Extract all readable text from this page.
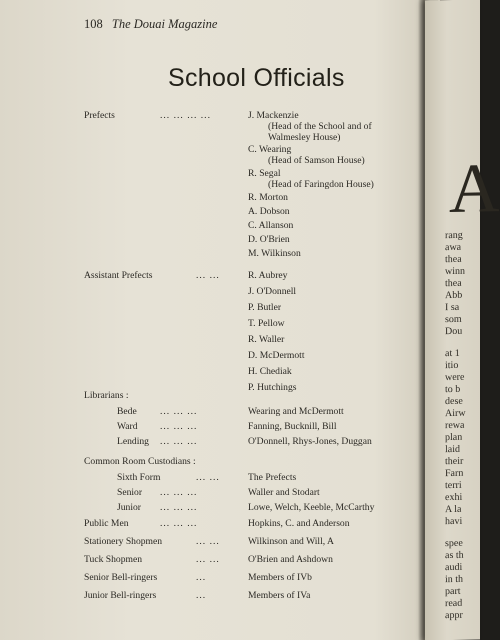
108 The Douai Magazine
School Officials
Prefects	... ... ... ...	J. Mackenzie
(Head of the School and of
Walmesley House)
C. Wearing
(Head of Samson House)
R. Segal
(Head of Faringdon House)
R. Morton
A. Dobson
C. Allanson
D. O'Brien
M. Wilkinson
Assistant Prefects	... ...	R. Aubrey
J. O'Donnell
P. Butler
T. Pellow
R. Waller
D. McDermott
H. Chediak
P. Hutchings
Librarians :
Bede ... ... ...	Wearing and McDermott
Ward ... ... ...	Fanning, Bucknill, Bill
Lending ... ... ...	O'Donnell, Rhys-Jones, Duggan
Common Room Custodians :
Sixth Form	... ...	The Prefects
Senior ... ... ...	Waller and Stodart
Junior ... ... ...	Lowe, Welch, Keeble, McCarthy
Public Men	... ... ...	Hopkins, C. and Anderson
Stationery Shopmen	... ...	Wilkinson and Will, A
Tuck Shopmen	... ...	O'Brien and Ashdown
Senior Bell-ringers	...	Members of IVb
Junior Bell-ringers	...	Members of IVa
A
rang
awa
thea
winn
thea
Abb
I sa
som
Dou
at 1
itio
were
to b
dese
Airw
rewa
plan
laid
their
Farn
terri
exhi
A la
havi
spee
as th
audi
in th
part
read
appr
